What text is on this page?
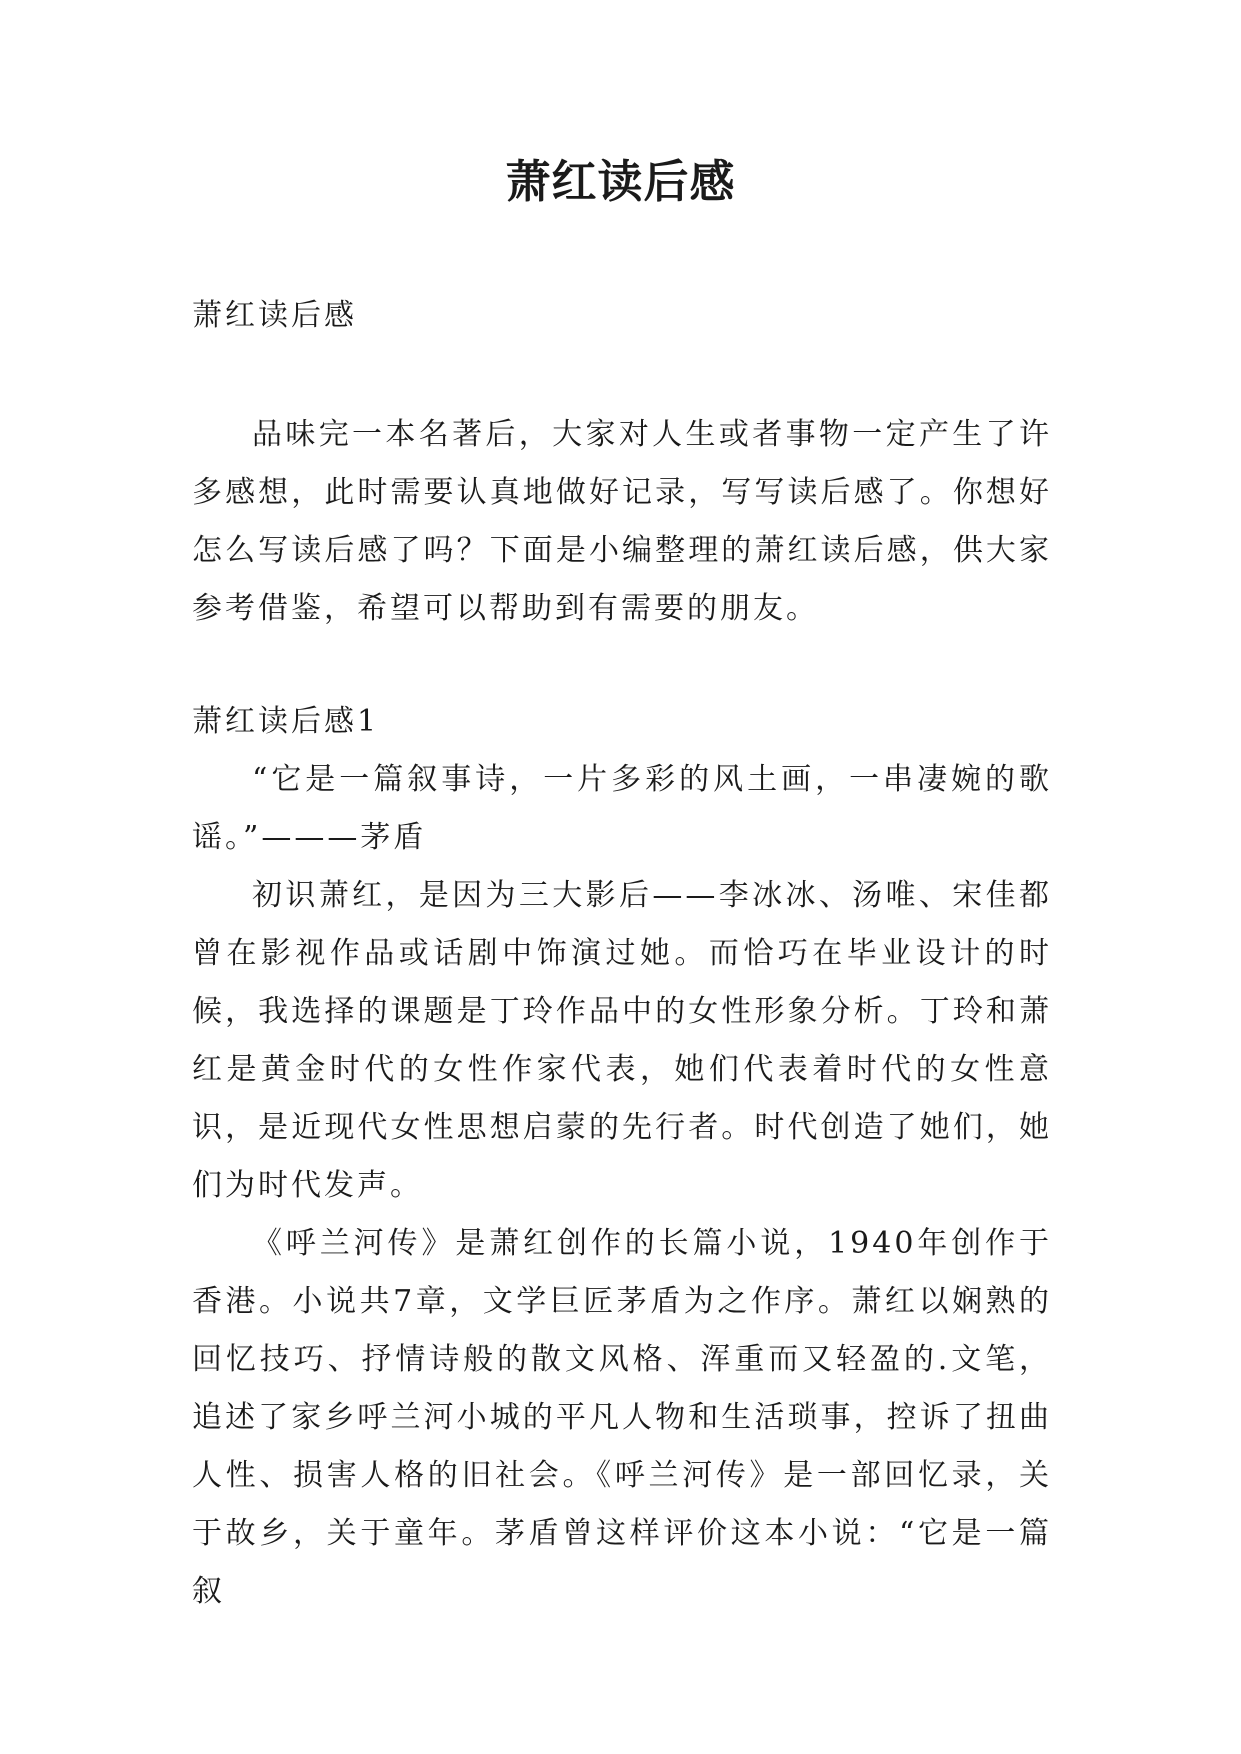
萧红读后感

萧红读后感

品味完一本名著后，大家对人生或者事物一定产生了许多感想，此时需要认真地做好记录，写写读后感了。你想好怎么写读后感了吗？下面是小编整理的萧红读后感，供大家参考借鉴，希望可以帮助到有需要的朋友。

萧红读后感1

“它是一篇叙事诗，一片多彩的风土画，一串凄婉的歌谣。”———茅盾

初识萧红，是因为三大影后——李冰冰、汤唯、宋佳都曾在影视作品或话剧中饰演过她。而恰巧在毕业设计的时候，我选择的课题是丁玲作品中的女性形象分析。丁玲和萧红是黄金时代的女性作家代表，她们代表着时代的女性意识，是近现代女性思想启蒙的先行者。时代创造了她们，她们为时代发声。

《呼兰河传》是萧红创作的长篇小说，1940年创作于香港。小说共7章，文学巨匠茅盾为之作序。萧红以娴熟的回忆技巧、抒情诗般的散文风格、浑重而又轻盈的.文笔，追述了家乡呼兰河小城的平凡人物和生活琐事，控诉了扭曲人性、损害人格的旧社会。《呼兰河传》是一部回忆录，关于故乡，关于童年。茅盾曾这样评价这本小说：“它是一篇叙
